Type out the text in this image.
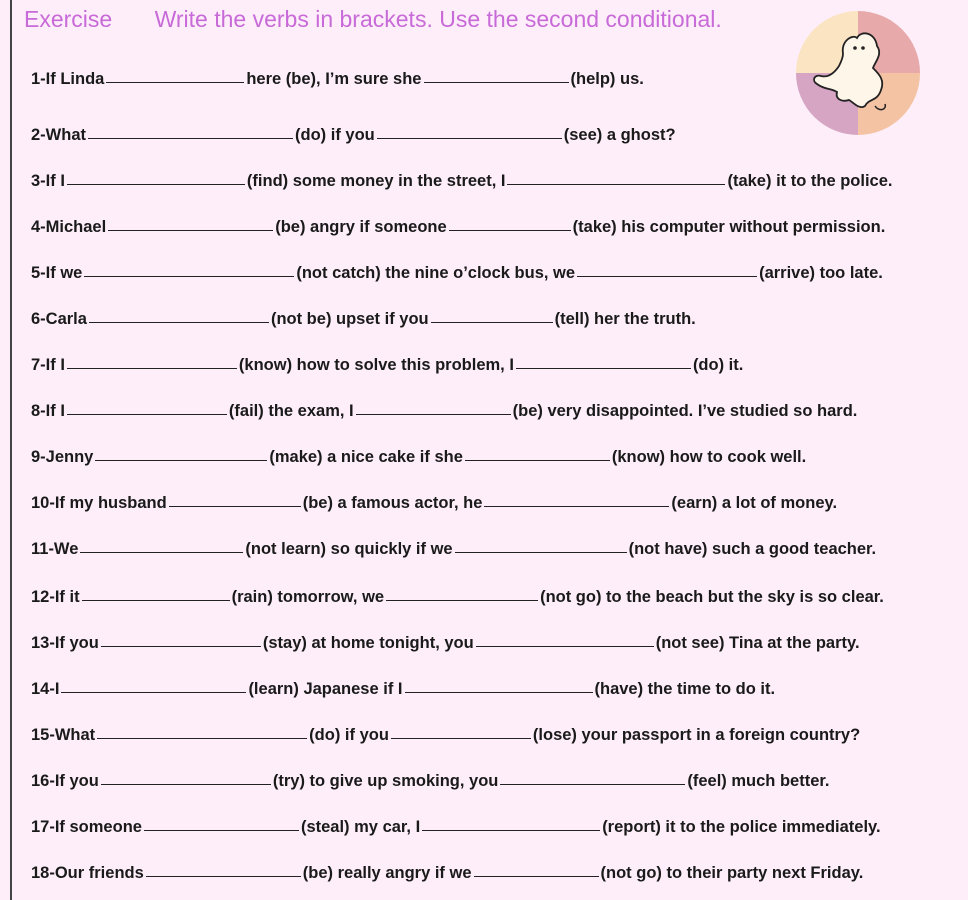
Exercise Write the verbs in brackets. Use the second conditional.
1-If Linda	here (be), I’m sure she	(help) us.
2-What	(do) if you	(see) a ghost?
3-If I	(find) some money in the street, I	(take) it to the police.
4-Michael	(be) angry if someone	(take) his computer without permission.
5-If we	(not catch) the nine o’clock bus, we	(arrive) too late.
6-Carla	(not be) upset if you	(tell) her the truth.
7-If I	(know) how to solve this problem, I	(do) it.
8-If I	(fail) the exam, I	(be) very disappointed. I’ve studied so hard.
9-Jenny	(make) a nice cake if she	(know) how to cook well.
10-If my husband	(be) a famous actor, he	(earn) a lot of money.
11-We	(not learn) so quickly if we	(not have) such a good teacher.
12-If it	(rain) tomorrow, we	(not go) to the beach but the sky is so clear.
13-If you	(stay) at home tonight, you	(not see) Tina at the party.
14-I	(learn) Japanese if I	(have) the time to do it.
15-What	(do) if you	(lose) your passport in a foreign country?
16-If you	(try) to give up smoking, you	(feel) much better.
17-If someone	(steal) my car, I	(report) it to the police immediately.
18-Our friends	(be) really angry if we	(not go) to their party next Friday.
